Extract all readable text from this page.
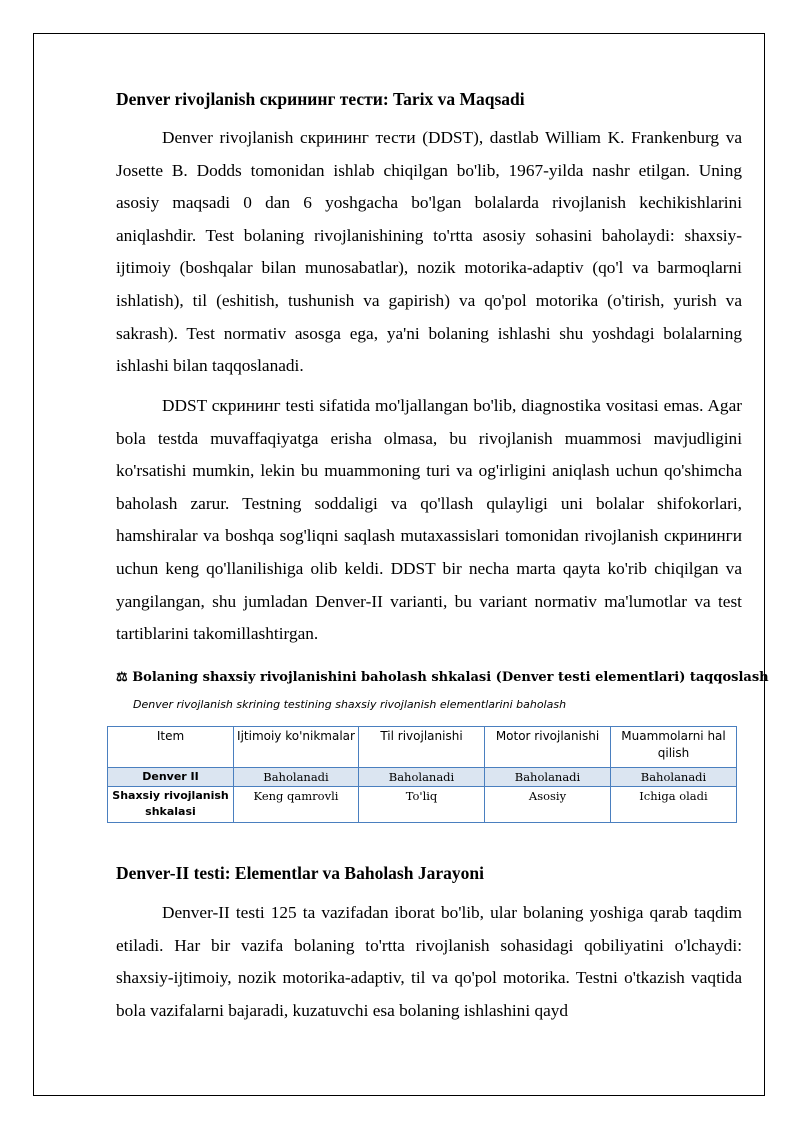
Denver rivojlanish скрининг тести: Tarix va Maqsadi

Denver rivojlanish скрининг тести (DDST), dastlab William K. Frankenburg va Josette B. Dodds tomonidan ishlab chiqilgan bo'lib, 1967-yilda nashr etilgan. Uning asosiy maqsadi 0 dan 6 yoshgacha bo'lgan bolalarda rivojlanish kechikishlarini aniqlashdir. Test bolaning rivojlanishining to'rtta asosiy sohasini baholaydi: shaxsiy-ijtimoiy (boshqalar bilan munosabatlar), nozik motorika-adaptiv (qo'l va barmoqlarni ishlatish), til (eshitish, tushunish va gapirish) va qo'pol motorika (o'tirish, yurish va sakrash). Test normativ asosga ega, ya'ni bolaning ishlashi shu yoshdagi bolalarning ishlashi bilan taqqoslanadi.

DDST скрининг testi sifatida mo'ljallangan bo'lib, diagnostika vositasi emas. Agar bola testda muvaffaqiyatga erisha olmasa, bu rivojlanish muammosi mavjudligini ko'rsatishi mumkin, lekin bu muammoning turi va og'irligini aniqlash uchun qo'shimcha baholash zarur. Testning soddaligi va qo'llash qulayligi uni bolalar shifokorlari, hamshiralar va boshqa sog'liqni saqlash mutaxassislari tomonidan rivojlanish скрининги uchun keng qo'llanilishiga olib keldi. DDST bir necha marta qayta ko'rib chiqilgan va yangilangan, shu jumladan Denver-II varianti, bu variant normativ ma'lumotlar va test tartiblarini takomillashtirgan.

⚖ Bolaning shaxsiy rivojlanishini baholash shkalasi (Denver testi elementlari) taqqoslash
Denver rivojlanish skrining testining shaxsiy rivojlanish elementlarini baholash
Item	Ijtimoiy ko'nikmalar	Til rivojlanishi	Motor rivojlanishi	Muammolarni hal qilish
Denver II	Baholanadi	Baholanadi	Baholanadi	Baholanadi
Shaxsiy rivojlanish shkalasi	Keng qamrovli	To'liq	Asosiy	Ichiga oladi
Denver-II testi: Elementlar va Baholash Jarayoni

Denver-II testi 125 ta vazifadan iborat bo'lib, ular bolaning yoshiga qarab taqdim etiladi. Har bir vazifa bolaning to'rtta rivojlanish sohasidagi qobiliyatini o'lchaydi: shaxsiy-ijtimoiy, nozik motorika-adaptiv, til va qo'pol motorika. Testni o'tkazish vaqtida bola vazifalarni bajaradi, kuzatuvchi esa bolaning ishlashini qayd
